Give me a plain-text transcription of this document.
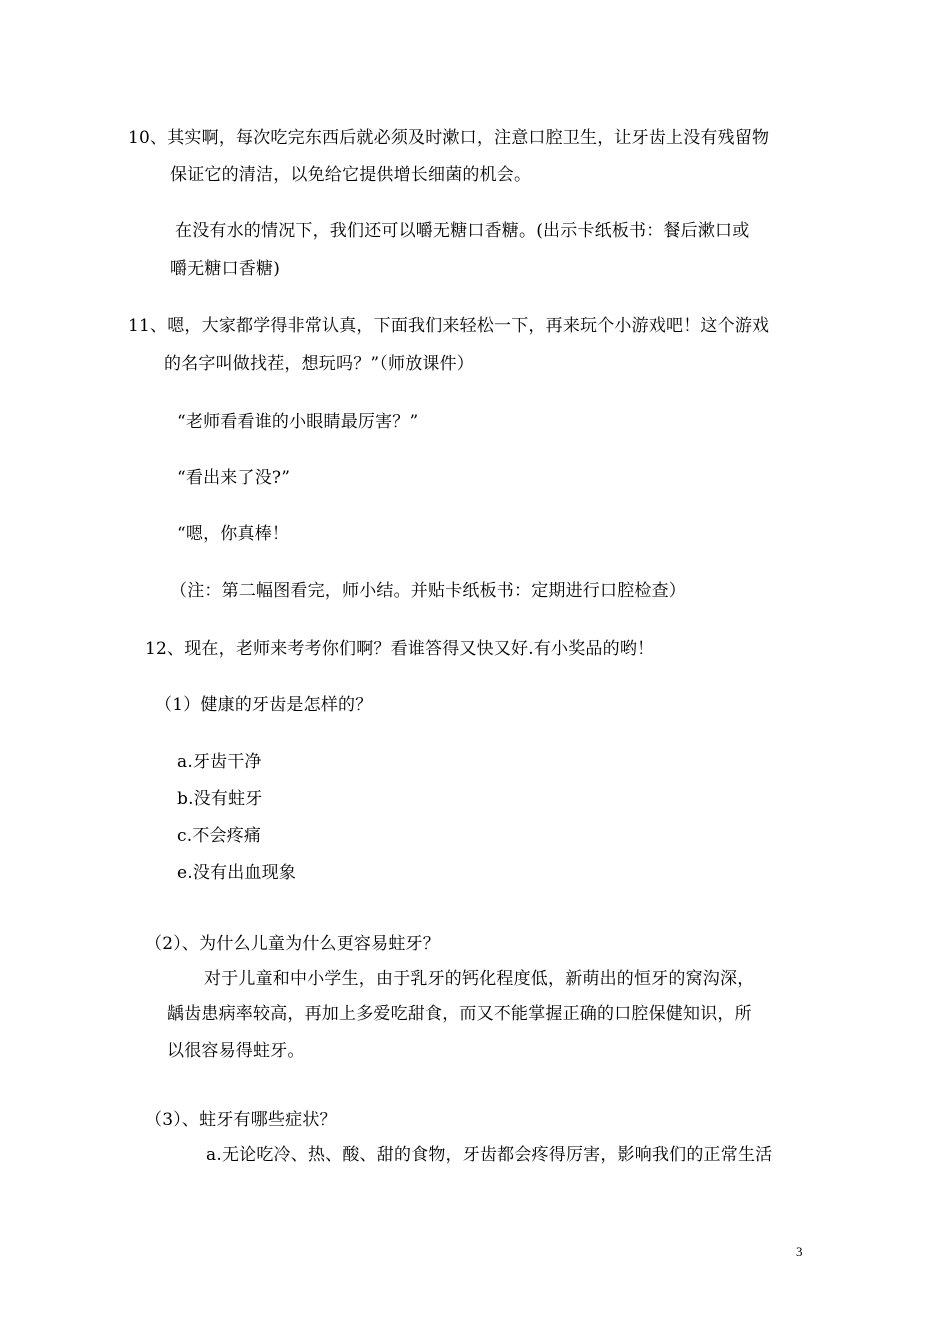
10、其实啊，每次吃完东西后就必须及时漱口，注意口腔卫生，让牙齿上没有残留物
保证它的清洁，以免给它提供增长细菌的机会。
在没有水的情况下，我们还可以嚼无糖口香糖。(出示卡纸板书：餐后漱口或
嚼无糖口香糖)
11、嗯，大家都学得非常认真，下面我们来轻松一下，再来玩个小游戏吧！这个游戏
的名字叫做找茬，想玩吗？”（师放课件）
“老师看看谁的小眼睛最厉害？”
“看出来了没?”
“嗯，你真棒！
（注：第二幅图看完，师小结。并贴卡纸板书：定期进行口腔检查）
12、现在，老师来考考你们啊？看谁答得又快又好.有小奖品的哟！
（1）健康的牙齿是怎样的？
a.牙齿干净
b.没有蛀牙
c.不会疼痛
e.没有出血现象
（2）、为什么儿童为什么更容易蛀牙？
对于儿童和中小学生，由于乳牙的钙化程度低，新萌出的恒牙的窝沟深，
龋齿患病率较高，再加上多爱吃甜食，而又不能掌握正确的口腔保健知识，所
以很容易得蛀牙。
（3）、蛀牙有哪些症状？
a.无论吃冷、热、酸、甜的食物，牙齿都会疼得厉害，影响我们的正常生活
3
